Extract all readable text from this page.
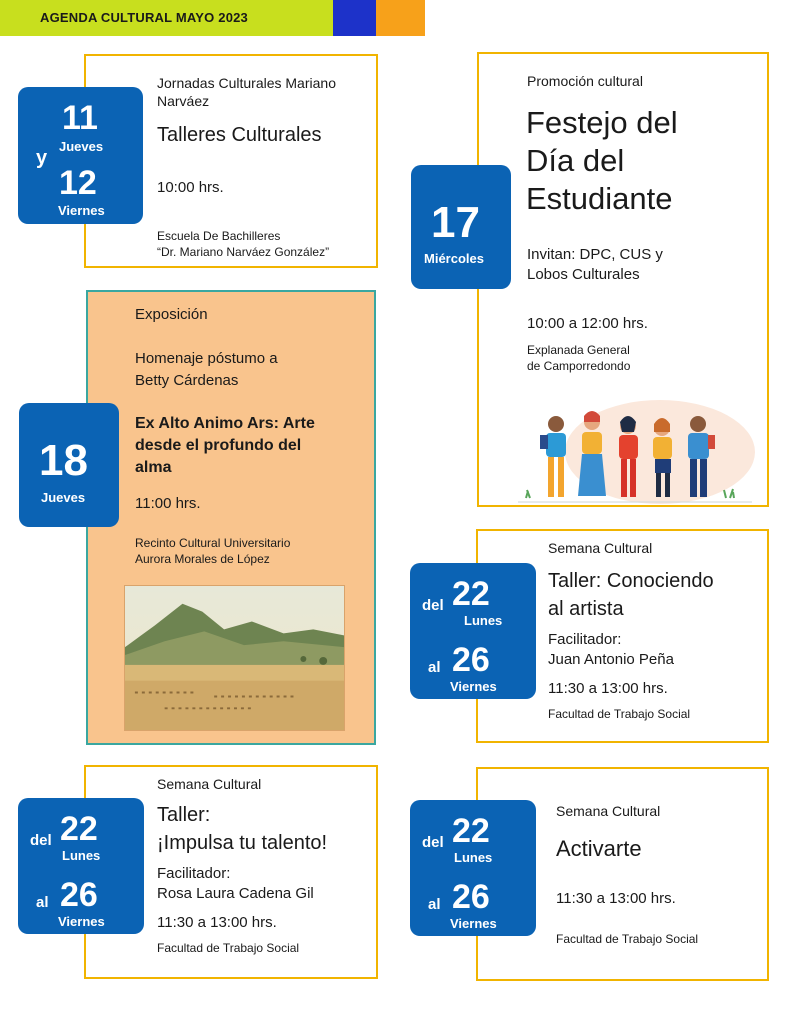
AGENDA CULTURAL MAYO 2023
11
Jueves
y
12
Viernes
Jornadas Culturales Mariano
Narváez
Talleres Culturales
10:00 hrs.
Escuela De Bachilleres
“Dr. Mariano Narváez González”
17
Miércoles
Promoción cultural
Festejo del
Día del
Estudiante
Invitan: DPC, CUS y
Lobos Culturales
10:00 a 12:00 hrs.
Explanada General
de Camporredondo
18
Jueves
Exposición
Homenaje póstumo a
Betty Cárdenas
Ex Alto Animo Ars: Arte
desde el profundo del
alma
11:00 hrs.
Recinto Cultural Universitario
Aurora Morales de López
del 22
Lunes
al 26
Viernes
Semana Cultural
Taller: Conociendo
al artista
Facilitador:
Juan Antonio Peña
11:30 a 13:00 hrs.
Facultad de Trabajo Social
del 22
Lunes
al 26
Viernes
Semana Cultural
Taller:
¡Impulsa tu talento!
Facilitador:
Rosa Laura Cadena Gil
11:30 a 13:00 hrs.
Facultad de Trabajo Social
del 22
Lunes
al 26
Viernes
Semana Cultural
Activarte
11:30 a 13:00 hrs.
Facultad de Trabajo Social
